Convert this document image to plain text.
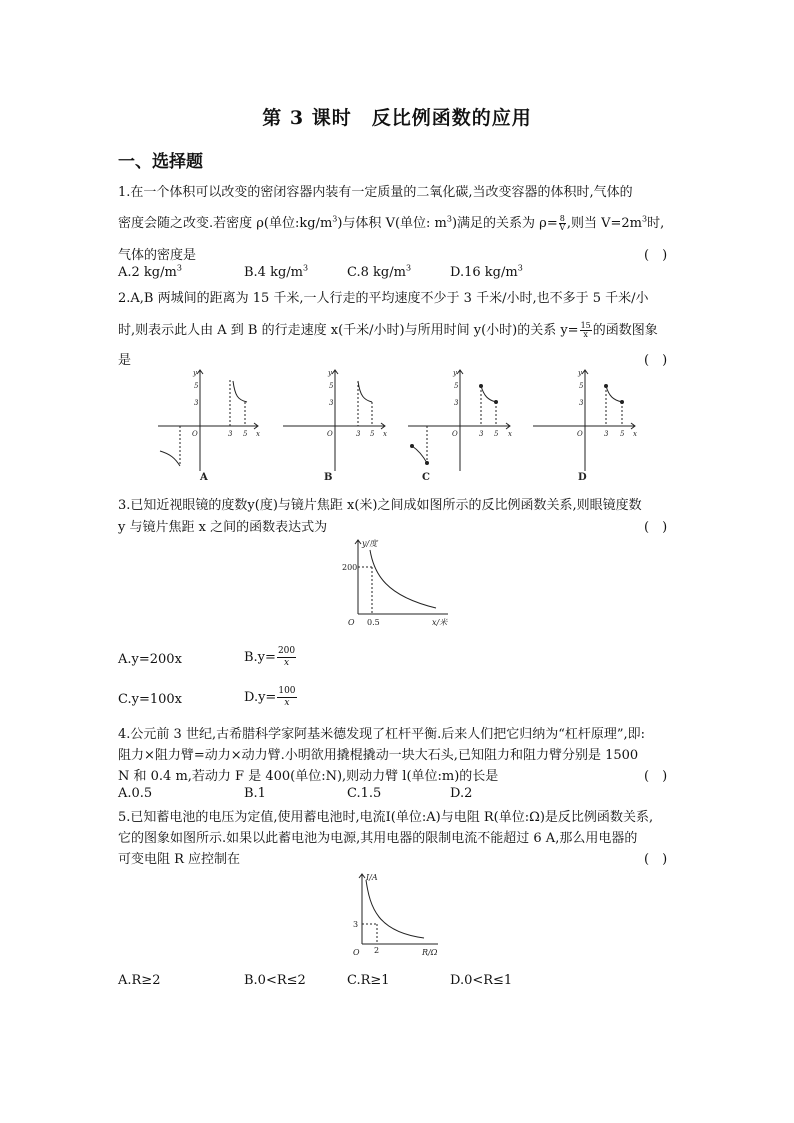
第 3 课时　反比例函数的应用
一、选择题
1.在一个体积可以改变的密闭容器内装有一定质量的二氧化碳,当改变容器的体积时,气体的
密度会随之改变.若密度 ρ(单位$:kg/m^3$)与体积 V(单位: $m^3$)满足的关系为 $\rho= \frac{8}{V}$ ,则当 $V=2m^3$时,
气体的密度是	(　)
A.2 $kg/m^3$	B.4 $kg/m^3$	C.8 $kg/m^3$	D.16 $kg/m^3$
2.A,B 两城间的距离为 15 千米,一人行走的平均速度不少于 3 千米/小时,也不多于 5 千米/小
时,则表示此人由 A 到 B 的行走速度 x(千米/小时)与所用时间 y(小时)的关系 $y= \frac{15}{x}$ 的函数图象
是	(　)
y
5
3
O	3 5 x
y
5
3
O	3 5 x
y
5
3
O	3 5 x
y
5
3
O	3 5 x
A	B	C	D
3.已知近视眼镜的度数y(度)与镜片焦距 x(米)之间成如图所示的反比例函数关系,则眼镜度数
y 与镜片焦距 x 之间的函数表达式为	(　)
y/度
200
O 0.5	x/米
A.y=200x	$B.y= \frac{200}{x}$
C.y=100x	$D.y= \frac{100}{x}$
4.公元前 3 世纪,古希腊科学家阿基米德发现了杠杆平衡.后来人们把它归纳为“杠杆原理”,即:
阻力×阻力臂=动力×动力臂.小明欲用撬棍撬动一块大石头,已知阻力和阻力臂分别是 1500
N 和 0.4 m,若动力 F 是 400(单位:N),则动力臂 l(单位:m)的长是	(　)
A.0.5	B.1	C.1.5	D.2
5.已知蓄电池的电压为定值,使用蓄电池时,电流I(单位:A)与电阻 R(单位:Ω)是反比例函数关系,
它的图象如图所示.如果以此蓄电池为电源,其用电器的限制电流不能超过 6 A,那么用电器的
可变电阻 R 应控制在	(　)
I/A
3
O 2	R/Ω
A.R≥2	B.0<R≤2	C.R≥1	D.0<R≤1
